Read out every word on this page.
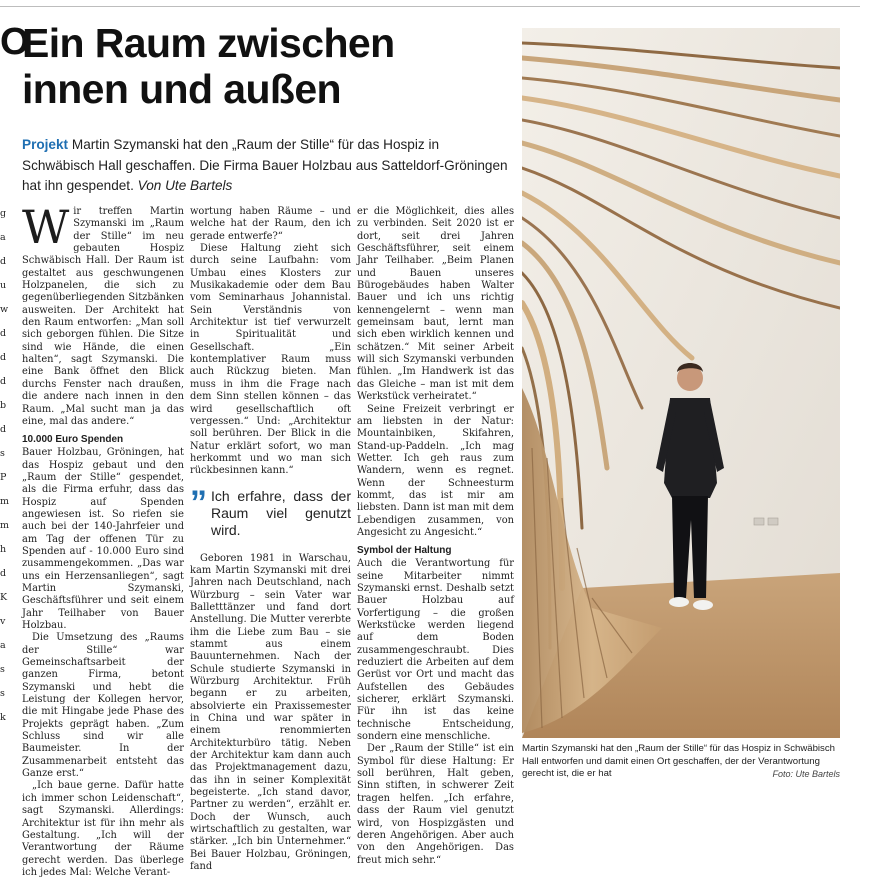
O
g
a
d
u
w
d
d
d
b
d
s
P
m
m
h
d
K
v
a
s
s
k
Ein Raum zwischen
innen und außen

Projekt Martin Szymanski hat den „Raum der Stille“ für das Hospiz in Schwäbisch Hall geschaffen. Die Firma Bauer Holzbau aus Satteldorf-Gröningen hat ihn gespendet. Von Ute Bartels

Wir treffen Martin Szymanski im „Raum der Stille“ im neu gebauten Hospiz Schwäbisch Hall. Der Raum ist gestaltet aus geschwungenen Holzpanelen, die sich zu gegenüberliegenden Sitzbänken ausweiten. Der Architekt hat den Raum entworfen: „Man soll sich geborgen fühlen. Die Sitze sind wie Hände, die einen halten“, sagt Szymanski. Die eine Bank öffnet den Blick durchs Fenster nach draußen, die andere nach innen in den Raum. „Mal sucht man ja das eine, mal das andere.“

10.000 Euro Spenden

Bauer Holzbau, Gröningen, hat das Hospiz gebaut und den „Raum der Stille“ gespendet, als die Firma erfuhr, dass das Hospiz auf Spenden angewiesen ist. So riefen sie auch bei der 140-Jahrfeier und am Tag der offenen Tür zu Spenden auf - 10.000 Euro sind zusammengekommen. „Das war uns ein Herzensanliegen“, sagt Martin Szymanski, Geschäftsführer und seit einem Jahr Teilhaber von Bauer Holzbau.

Die Umsetzung des „Raums der Stille“ war Gemeinschaftsarbeit der ganzen Firma, betont Szymanski und hebt die Leistung der Kollegen hervor, die mit Hingabe jede Phase des Projekts geprägt haben. „Zum Schluss sind wir alle Baumeister. In der Zusammenarbeit entsteht das Ganze erst.“

„Ich baue gerne. Dafür hatte ich immer schon Leidenschaft“, sagt Szymanski. Allerdings: Architektur ist für ihn mehr als Gestaltung. „Ich will der Verantwortung der Räume gerecht werden. Das überlege ich jedes Mal: Welche Verant-

wortung haben Räume – und welche hat der Raum, den ich gerade entwerfe?“

Diese Haltung zieht sich durch seine Laufbahn: vom Umbau eines Klosters zur Musikakademie oder dem Bau vom Seminarhaus Johannistal. Sein Verständnis von Architektur ist tief verwurzelt in Spiritualität und Gesellschaft. „Ein kontemplativer Raum muss auch Rückzug bieten. Man muss in ihm die Frage nach dem Sinn stellen können – das wird gesellschaftlich oft vergessen.“ Und: „Architektur soll berühren. Der Blick in die Natur erklärt sofort, wo man herkommt und wo man sich rückbesinnen kann.“

” Ich erfahre, dass der Raum viel genutzt wird.

Geboren 1981 in Warschau, kam Martin Szymanski mit drei Jahren nach Deutschland, nach Würzburg – sein Vater war Balletttänzer und fand dort Anstellung. Die Mutter vererbte ihm die Liebe zum Bau – sie stammt aus einem Bauunternehmen. Nach der Schule studierte Szymanski in Würzburg Architektur. Früh begann er zu arbeiten, absolvierte ein Praxissemester in China und war später in einem renommierten Architekturbüro tätig. Neben der Architektur kam dann auch das Projektmanagement dazu, das ihn in seiner Komplexität begeisterte. „Ich stand davor, Partner zu werden“, erzählt er. Doch der Wunsch, auch wirtschaftlich zu gestalten, war stärker. „Ich bin Unternehmer.“ Bei Bauer Holzbau, Gröningen, fand

er die Möglichkeit, dies alles zu verbinden. Seit 2020 ist er dort, seit drei Jahren Geschäftsführer, seit einem Jahr Teilhaber. „Beim Planen und Bauen unseres Bürogebäudes haben Walter Bauer und ich uns richtig kennengelernt – wenn man gemeinsam baut, lernt man sich eben wirklich kennen und schätzen.“ Mit seiner Arbeit will sich Szymanski verbunden fühlen. „Im Handwerk ist das das Gleiche – man ist mit dem Werkstück verheiratet.“

Seine Freizeit verbringt er am liebsten in der Natur: Mountainbiken, Skifahren, Stand-up-Paddeln. „Ich mag Wetter. Ich geh raus zum Wandern, wenn es regnet. Wenn der Schneesturm kommt, das ist mir am liebsten. Dann ist man mit dem Lebendigen zusammen, von Angesicht zu Angesicht.“

Symbol der Haltung

Auch die Verantwortung für seine Mitarbeiter nimmt Szymanski ernst. Deshalb setzt Bauer Holzbau auf Vorfertigung – die großen Werkstücke werden liegend auf dem Boden zusammengeschraubt. Dies reduziert die Arbeiten auf dem Gerüst vor Ort und macht das Aufstellen des Gebäudes sicherer, erklärt Szymanski. Für ihn ist das keine technische Entscheidung, sondern eine menschliche.

Der „Raum der Stille“ ist ein Symbol für diese Haltung: Er soll berühren, Halt geben, Sinn stiften, in schwerer Zeit tragen helfen. „Ich erfahre, dass der Raum viel genutzt wird, von Hospizgästen und deren Angehörigen. Aber auch von den Angehörigen. Das freut mich sehr.“

Martin Szymanski hat den „Raum der Stille“ für das Hospiz in Schwäbisch Hall entworfen und damit einen Ort geschaffen, der der Verantwortung gerecht ist, die er hat	Foto: Ute Bartels
